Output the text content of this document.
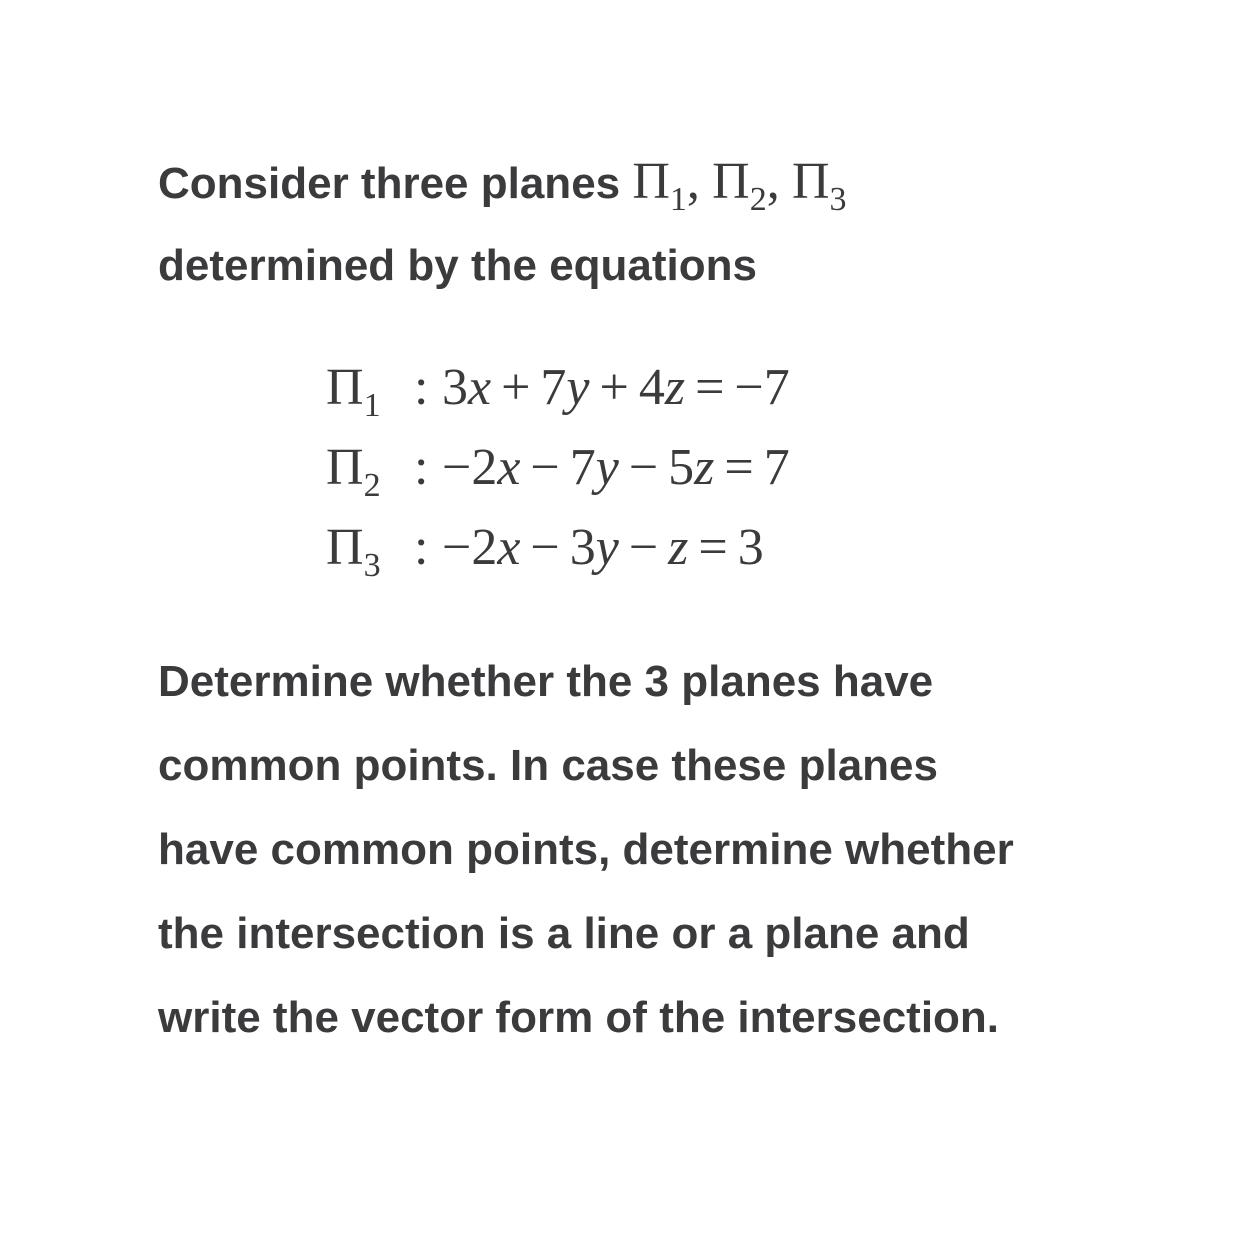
Consider three planes $\Pi_1$, $\Pi_2$, $\Pi_3$
determined by the equations
$\Pi_1$ : 3x + 7y + 4z = −7
$\Pi_2$ : −2x − 7y − 5z = 7
$\Pi_3$ : −2x − 3y − z = 3
Determine whether the 3 planes have
common points. In case these planes
have common points, determine whether
the intersection is a line or a plane and
write the vector form of the intersection.
